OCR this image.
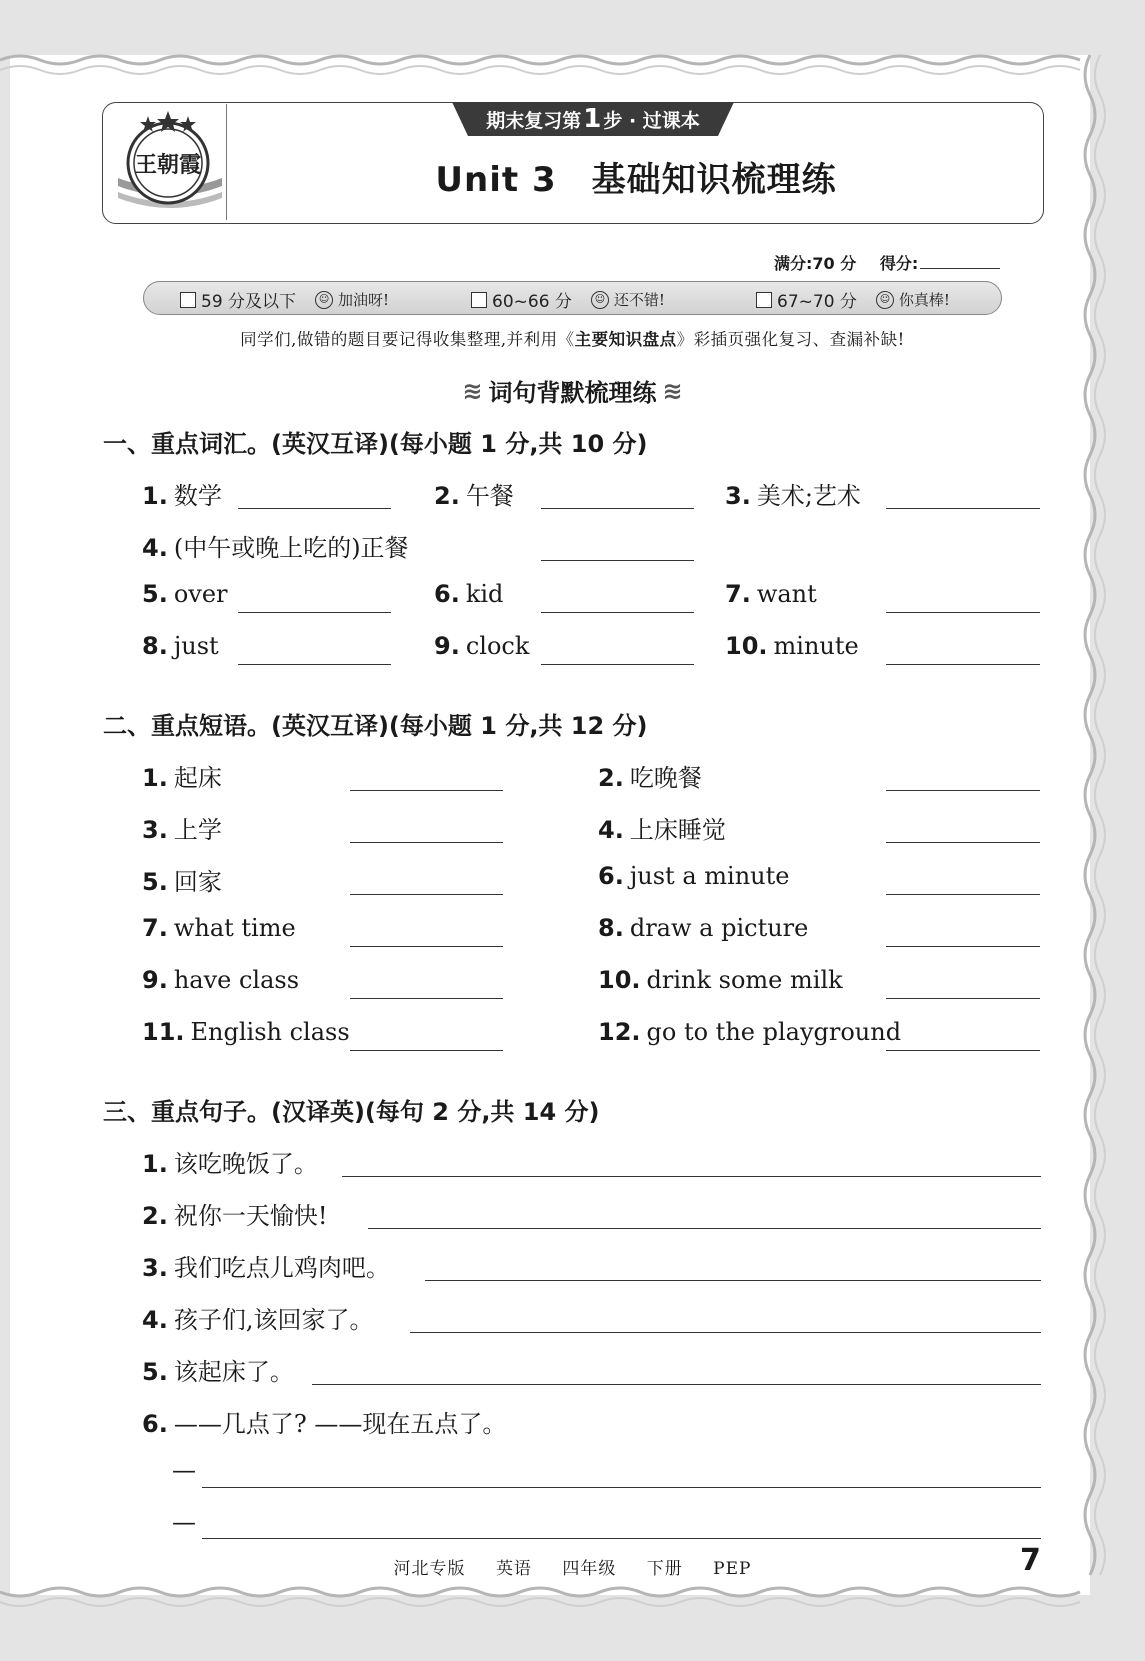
王朝霞
期末复习第 1 步 · 过课本
Unit 3　基础知识梳理练
满分:70 分 得分:
59 分及以下	☺ 加油呀!	60~66 分	☺ 还不错!	67~70 分	☺ 你真棒!
同学们,做错的题目要记得收集整理,并利用《主要知识盘点》彩插页强化复习、查漏补缺!
≋ 词句背默梳理练 ≋
一、重点词汇。(英汉互译)(每小题 1 分,共 10 分)
1. 数学	2. 午餐	3. 美术;艺术
4. (中午或晚上吃的)正餐
5. over	6. kid	7. want
8. just	9. clock	10. minute
二、重点短语。(英汉互译)(每小题 1 分,共 12 分)
1. 起床	2. 吃晚餐
3. 上学	4. 上床睡觉
5. 回家	6. just a minute
7. what time	8. draw a picture
9. have class	10. drink some milk
11. English class	12. go to the playground
三、重点句子。(汉译英)(每句 2 分,共 14 分)
1. 该吃晚饭了。
2. 祝你一天愉快!
3. 我们吃点儿鸡肉吧。
4. 孩子们,该回家了。
5. 该起床了。
6. ——几点了? ——现在五点了。
—
—
河北专版 英语 四年级 下册 PEP	7
